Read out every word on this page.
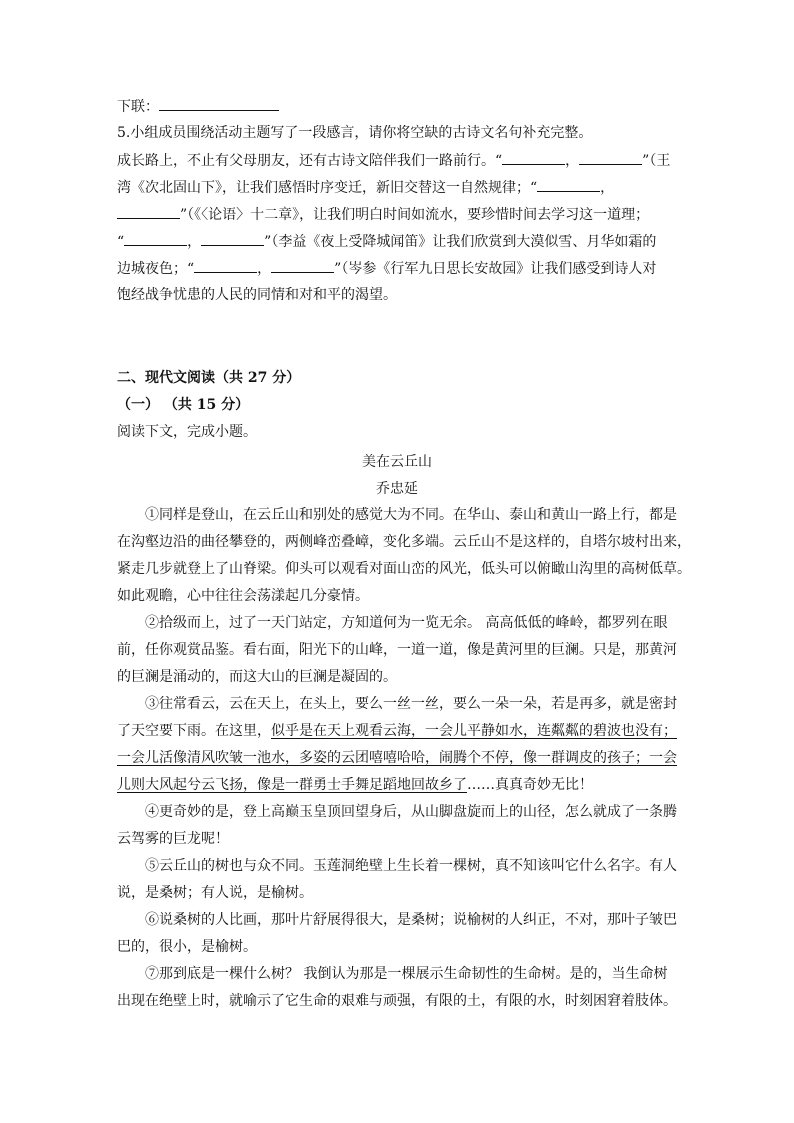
下联：
5.小组成员围绕活动主题写了一段感言，请你将空缺的古诗文名句补充完整。
成长路上，不止有父母朋友，还有古诗文陪伴我们一路前行。“	，	”（王
湾《次北固山下》，让我们感悟时序变迁，新旧交替这一自然规律；“	，
”（《〈论语〉十二章》，让我们明白时间如流水，要珍惜时间去学习这一道理；
“	，	”（李益《夜上受降城闻笛》让我们欣赏到大漠似雪、月华如霜的
边城夜色；“	，	”（岑参《行军九日思长安故园》让我们感受到诗人对
饱经战争忧患的人民的同情和对和平的渴望。
二、现代文阅读（共 27 分）
（一） （共 15 分）
阅读下文，完成小题。
美在云丘山
乔忠延
①同样是登山，在云丘山和别处的感觉大为不同。在华山、泰山和黄山一路上行，都是
在沟壑边沿的曲径攀登的，两侧峰峦叠嶂，变化多端。云丘山不是这样的，自塔尔坡村出来，
紧走几步就登上了山脊梁。仰头可以观看对面山峦的风光，低头可以俯瞰山沟里的高树低草。
如此观瞻，心中往往会荡漾起几分豪情。
②拾级而上，过了一天门站定，方知道何为一览无余。 高高低低的峰岭，都罗列在眼
前，任你观赏品鉴。看右面，阳光下的山峰，一道一道，像是黄河里的巨澜。只是，那黄河
的巨澜是涌动的，而这大山的巨澜是凝固的。
③往常看云，云在天上，在头上，要么一丝一丝，要么一朵一朵，若是再多，就是密封
了天空要下雨。在这里，似乎是在天上观看云海，一会儿平静如水，连粼粼的碧波也没有；
一会儿活像清风吹皱一池水，多姿的云团嘻嘻哈哈，闹腾个不停，像一群调皮的孩子；一会
儿则大风起兮云飞扬，像是一群勇士手舞足蹈地回故乡了……真真奇妙无比！
④更奇妙的是，登上高巅玉皇顶回望身后，从山脚盘旋而上的山径，怎么就成了一条腾
云驾雾的巨龙呢！
⑤云丘山的树也与众不同。玉莲洞绝壁上生长着一棵树，真不知该叫它什么名字。有人
说，是桑树；有人说，是榆树。
⑥说桑树的人比画，那叶片舒展得很大，是桑树；说榆树的人纠正，不对，那叶子皱巴
巴的，很小，是榆树。
⑦那到底是一棵什么树？ 我倒认为那是一棵展示生命韧性的生命树。是的，当生命树
出现在绝壁上时，就喻示了它生命的艰难与顽强，有限的土，有限的水，时刻困窘着肢体。
